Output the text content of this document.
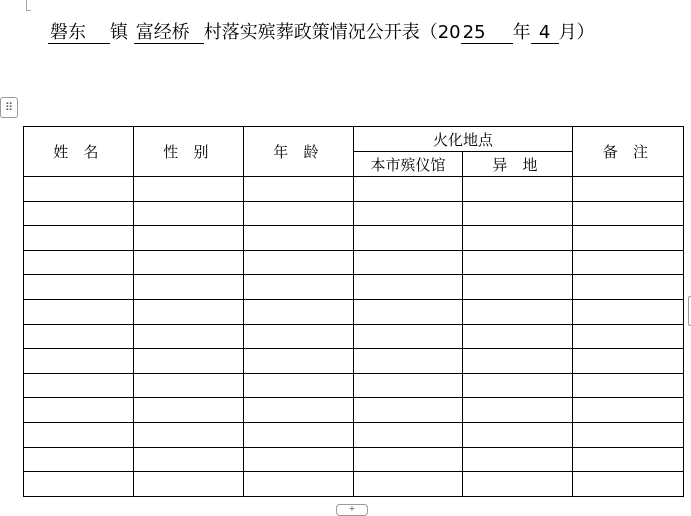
磐东 镇 富经桥 村落实殡葬政策情况公开表（20 25 年 4 月）
⠿
+
姓 名	性 别	年 龄	火化地点		备 注
			本市殡仪馆	异 地	
